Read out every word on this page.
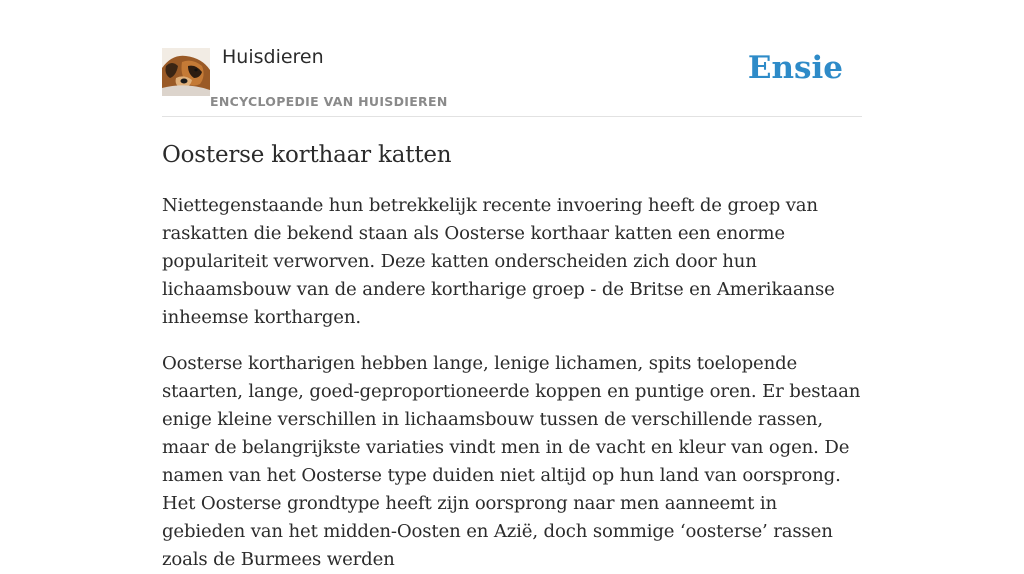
Huisdieren
ENCYCLOPEDIE VAN HUISDIEREN
Ensie
Oosterse korthaar katten

Niettegenstaande hun betrekkelijk recente invoering heeft de groep van raskatten die bekend staan als Oosterse korthaar katten een enorme populariteit verworven. Deze katten onderscheiden zich door hun lichaamsbouw van de andere kortharige groep - de Britse en Amerikaanse inheemse korthargen.

Oosterse kortharigen hebben lange, lenige lichamen, spits toelopende staarten, lange, goed-geproportioneerde koppen en puntige oren. Er bestaan enige kleine verschillen in lichaamsbouw tussen de verschillende rassen, maar de belangrijkste variaties vindt men in de vacht en kleur van ogen. De namen van het Oosterse type duiden niet altijd op hun land van oorsprong. Het Oosterse grondtype heeft zijn oorsprong naar men aanneemt in gebieden van het midden-Oosten en Azië, doch sommige ‘oosterse’ rassen zoals de Burmees werden
